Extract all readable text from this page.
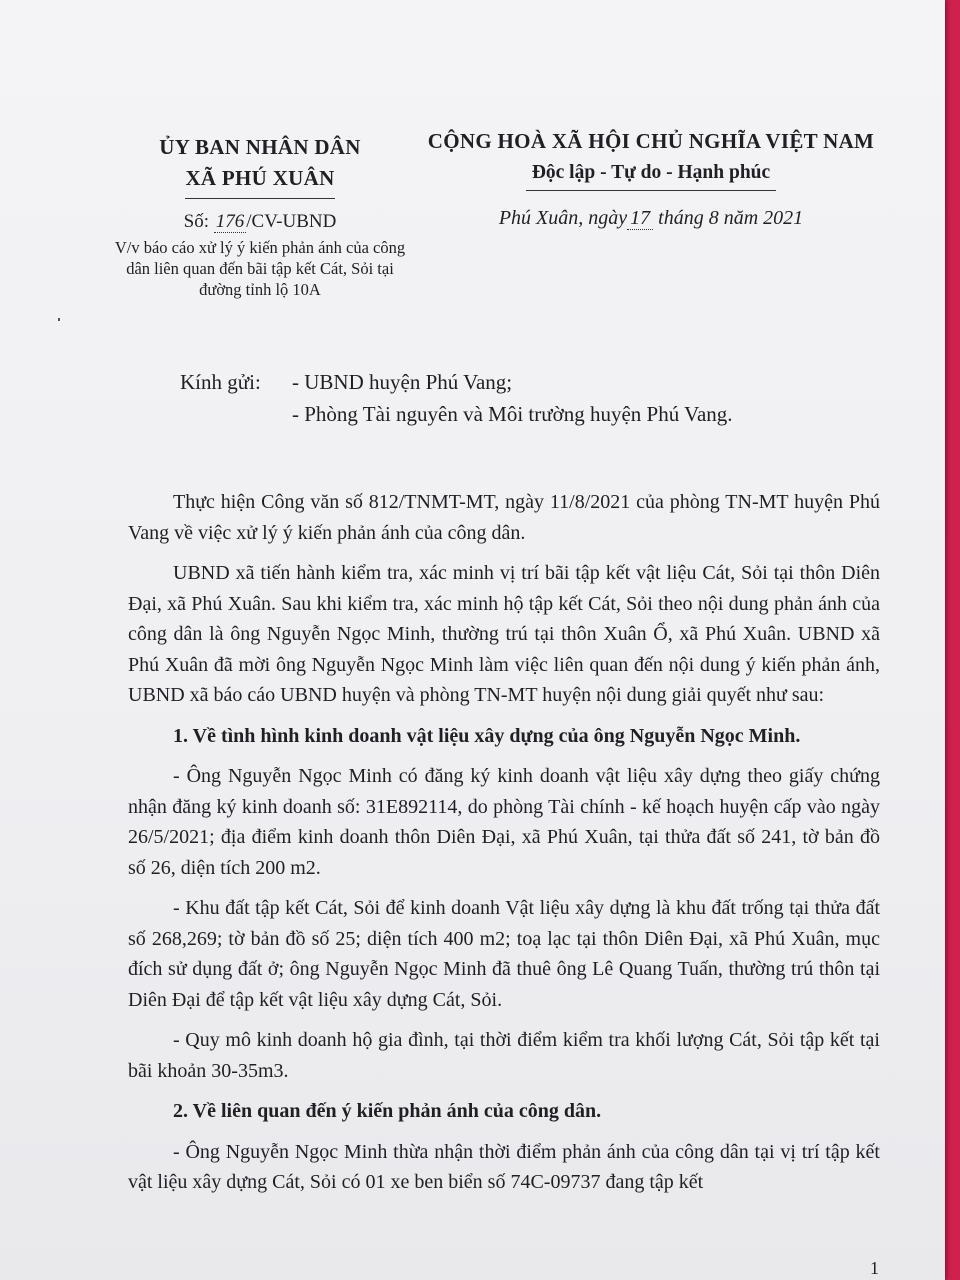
ỦY BAN NHÂN DÂN
XÃ PHÚ XUÂN
Số: 176 /CV-UBND
V/v báo cáo xử lý ý kiến phản ánh của công dân liên quan đến bãi tập kết Cát, Sỏi tại đường tỉnh lộ 10A
CỘNG HOÀ XÃ HỘI CHỦ NGHĨA VIỆT NAM
Độc lập - Tự do - Hạnh phúc
Phú Xuân, ngày 17 tháng 8 năm 2021
Kính gửi:	- UBND huyện Phú Vang;
- Phòng Tài nguyên và Môi trường huyện Phú Vang.

Thực hiện Công văn số 812/TNMT-MT, ngày 11/8/2021 của phòng TN-MT huyện Phú Vang về việc xử lý ý kiến phản ánh của công dân.

UBND xã tiến hành kiểm tra, xác minh vị trí bãi tập kết vật liệu Cát, Sỏi tại thôn Diên Đại, xã Phú Xuân. Sau khi kiểm tra, xác minh hộ tập kết Cát, Sỏi theo nội dung phản ánh của công dân là ông Nguyễn Ngọc Minh, thường trú tại thôn Xuân Ổ, xã Phú Xuân. UBND xã Phú Xuân đã mời ông Nguyễn Ngọc Minh làm việc liên quan đến nội dung ý kiến phản ánh, UBND xã báo cáo UBND huyện và phòng TN-MT huyện nội dung giải quyết như sau:

1. Về tình hình kinh doanh vật liệu xây dựng của ông Nguyễn Ngọc Minh.

- Ông Nguyễn Ngọc Minh có đăng ký kinh doanh vật liệu xây dựng theo giấy chứng nhận đăng ký kinh doanh số: 31E892114, do phòng Tài chính - kế hoạch huyện cấp vào ngày 26/5/2021; địa điểm kinh doanh thôn Diên Đại, xã Phú Xuân, tại thửa đất số 241, tờ bản đồ số 26, diện tích 200 m2.

- Khu đất tập kết Cát, Sỏi để kinh doanh Vật liệu xây dựng là khu đất trống tại thửa đất số 268,269; tờ bản đồ số 25; diện tích 400 m2; toạ lạc tại thôn Diên Đại, xã Phú Xuân, mục đích sử dụng đất ở; ông Nguyễn Ngọc Minh đã thuê ông Lê Quang Tuấn, thường trú thôn tại Diên Đại để tập kết vật liệu xây dựng Cát, Sỏi.

- Quy mô kinh doanh hộ gia đình, tại thời điểm kiểm tra khối lượng Cát, Sỏi tập kết tại bãi khoản 30-35m3.

2. Về liên quan đến ý kiến phản ánh của công dân.

- Ông Nguyễn Ngọc Minh thừa nhận thời điểm phản ánh của công dân tại vị trí tập kết vật liệu xây dựng Cát, Sỏi có 01 xe ben biển số 74C-09737 đang tập kết

1
